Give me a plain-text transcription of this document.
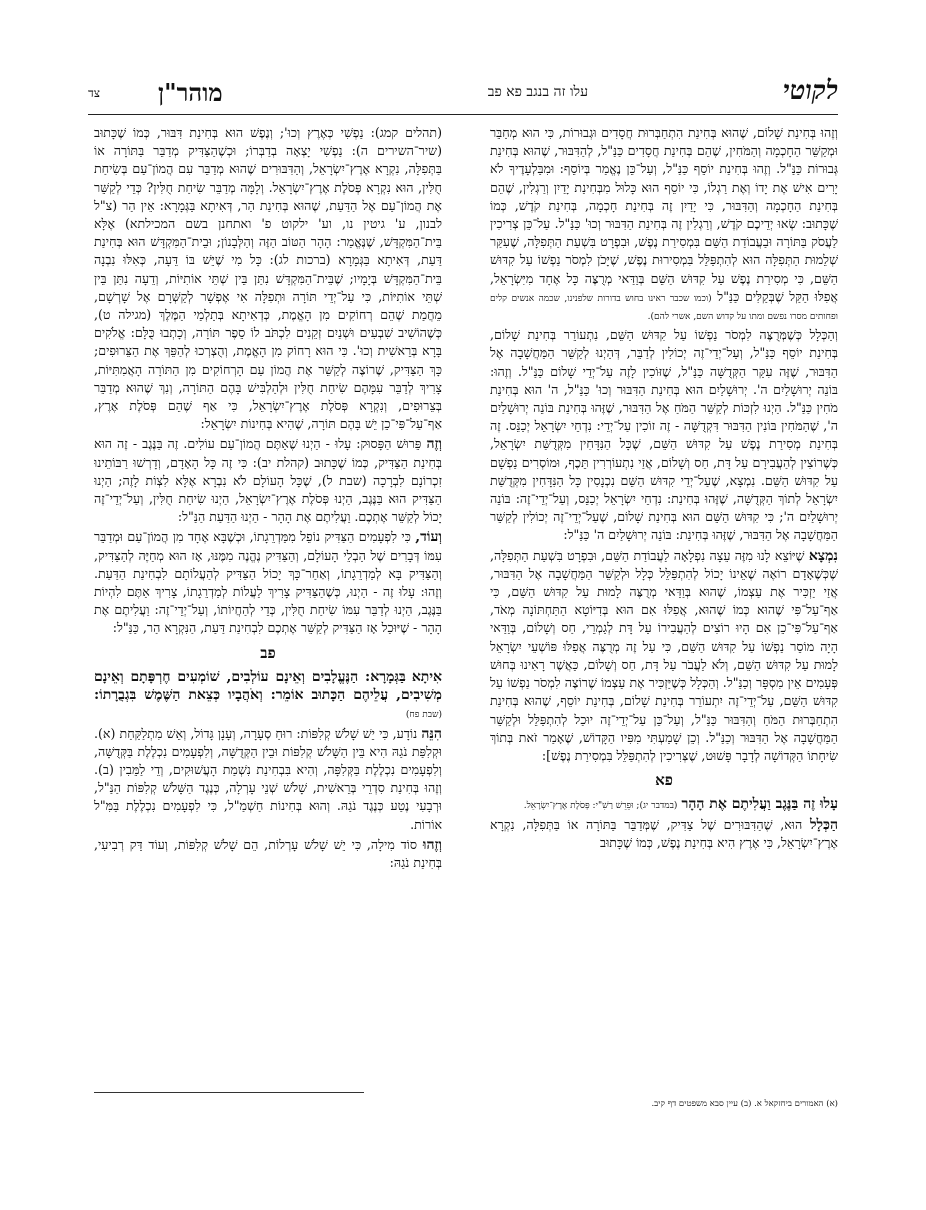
לקוטי
עלו זה בנגב פא פב
מוהר"ן
צד

וְזֶהוּ בְּחִינַת שָׁלוֹם, שֶׁהוּא בְּחִינַת הִתְחַבְּרוּת חֲסָדִים וּגְבוּרוֹת, כִּי הוּא מְחַבֵּר וּמְקַשֵּׁר הַחָכְמָה וְהַמֹּחִין, שֶׁהֵם בְּחִינַת חֲסָדִים כַּנַּ"ל, לְהַדִּבּוּר, שֶׁהוּא בְּחִינַת גְּבוּרוֹת כַּנַּ"ל. וְזֶהוּ בְּחִינַת יוֹסֵף כַּנַּ"ל, וְעַל־כֵּן נֶאֱמַר בְּיוֹסֵף: וּמִבַּלְעָדֶיךָ לֹא יָרִים אִישׁ אֶת יָדוֹ וְאֶת רַגְלוֹ, כִּי יוֹסֵף הוּא כָּלוּל מִבְּחִינַת יָדַיִן וְרַגְלִין, שֶׁהֵם בְּחִינַת הַחָכְמָה וְהַדִּבּוּר, כִּי יָדַיִן זֶה בְּחִינַת חָכְמָה, בְּחִינַת קֹדֶשׁ, כְּמוֹ שֶׁכָּתוּב: שְׂאוּ יְדֵיכֶם קֹדֶשׁ, וְרַגְלִין זֶה בְּחִינַת הַדִּבּוּר וְכוּ' כַּנַּ"ל. עַל־כֵּן צְרִיכִין לַעֲסֹק בַּתּוֹרָה וּבַעֲבוֹדַת הַשֵּׁם בִּמְסִירַת נֶפֶשׁ, וּבִפְרָט בִּשְׁעַת הַתְּפִלָּה, שֶׁעִקַּר שְׁלֵמוּת הַתְּפִלָּה הוּא לְהִתְפַּלֵּל בִּמְסִירוּת נֶפֶשׁ, שֶׁיָּכֹן לִמְסֹר נַפְשׁוֹ עַל קִדּוּשׁ הַשֵּׁם, כִּי מְסִירַת נֶפֶשׁ עַל קִדּוּשׁ הַשֵּׁם בְּוַדַּאי מְרֻצֶּה כָּל אֶחָד מִיִּשְׂרָאֵל, אֲפִלּוּ הַקַּל שֶׁבְּקַלִּים כַּנַּ"ל (וכמו שכבר ראינו בחוש בדורות שלפנינו, שכמה אנשים קלים ופחותים מסרו נפשם ומתו על קדוש השם, אשרי להם).

וְהַכְּלָל כְּשֶׁמְּרֻצֶּה לִמְסֹר נַפְשׁוֹ עַל קִדּוּשׁ הַשֵּׁם, נִתְעוֹרֵר בְּחִינַת שָׁלוֹם, בְּחִינַת יוֹסֵף כַּנַּ"ל, וְעַל־יְדֵי־זֶה יְכוֹלִין לְדַבֵּר, דְּהַיְנוּ לְקַשֵּׁר הַמַּחֲשָׁבָה אֶל הַדִּבּוּר, שֶׁזֶּה עִקַּר הַקְּדֻשָּׁה כַּנַּ"ל, שֶׁזּוֹכִין לָזֶה עַל־יְדֵי שָׁלוֹם כַּנַּ"ל. וְזֶהוּ: בּוֹנֵה יְרוּשָׁלַיִם ה'. יְרוּשָׁלַיִם הוּא בְּחִינַת הַדִּבּוּר וְכוּ' כַּנַּ"ל, ה' הוּא בְּחִינַת מֹחִין כַּנַּ"ל. הַיְנוּ לִזְכּוֹת לְקַשֵּׁר הַמֹּחַ אֶל הַדִּבּוּר, שֶׁזֶּהוּ בְּחִינַת בּוֹנֵה יְרוּשָׁלַיִם ה', שֶׁהַמֹּחִין בּוֹנִין הַדִּבּוּר דִּקְדֻשָּׁה - זֶה זוֹכִין עַל־יְדֵי: נִדְחֵי יִשְׂרָאֵל יְכַנֵּס. זֶה בְּחִינַת מְסִירַת נֶפֶשׁ עַל קִדּוּשׁ הַשֵּׁם, שֶׁכָּל הַנִּדָּחִין מִקְּדֻשַּׁת יִשְׂרָאֵל, כְּשֶׁרוֹצִין לְהַעֲבִירָם עַל דָּת, חַס וְשָׁלוֹם, אֲזַי נִתְעוֹרְרִין תֵּכֶף, וּמוֹסְרִים נַפְשָׁם עַל קִדּוּשׁ הַשֵּׁם. נִמְצָא, שֶׁעַל־יְדֵי קִדּוּשׁ הַשֵּׁם נִכְנָסִין כָּל הַנִּדָּחִין מִקְּדֻשַּׁת יִשְׂרָאֵל לְתוֹךְ הַקְּדֻשָּׁה, שֶׁזֶּהוּ בְּחִינַת: נִדְחֵי יִשְׂרָאֵל יְכַנֵּס, וְעַל־יְדֵי־זֶה: בּוֹנֵה יְרוּשָׁלַיִם ה'; כִּי קִדּוּשׁ הַשֵּׁם הוּא בְּחִינַת שָׁלוֹם, שֶׁעַל־יְדֵי־זֶה יְכוֹלִין לְקַשֵּׁר הַמַּחֲשָׁבָה אֶל הַדִּבּוּר, שֶׁזֶּהוּ בְּחִינַת: בּוֹנֵה יְרוּשָׁלַיִם ה' כַּנַּ"ל:

נִמְצָא שֶׁיּוֹצֵא לָנוּ מִזֶּה עֵצָה נִפְלָאָה לַעֲבוֹדַת הַשֵּׁם, וּבִפְרָט בִּשְׁעַת הַתְּפִלָּה, שֶׁכְּשֶׁאָדָם רוֹאֶה שֶׁאֵינוֹ יָכוֹל לְהִתְפַּלֵּל כְּלָל וּלְקַשֵּׁר הַמַּחֲשָׁבָה אֶל הַדִּבּוּר, אֲזַי יַזְכִּיר אֶת עַצְמוֹ, שֶׁהוּא בְּוַדַּאי מְרֻצֶּה לָמוּת עַל קִדּוּשׁ הַשֵּׁם, כִּי אַף־עַל־פִּי שֶׁהוּא כְּמוֹ שֶׁהוּא, אֲפִלּוּ אִם הוּא בְּדִיּוֹטָא הַתַּחְתּוֹנָה מְאֹד, אַף־עַל־פִּי־כֵן אִם הָיוּ רוֹצִים לְהַעֲבִירוֹ עַל דָּת לְגַמְרֵי, חַס וְשָׁלוֹם, בְּוַדַּאי הָיָה מוֹסֵר נַפְשׁוֹ עַל קִדּוּשׁ הַשֵּׁם, כִּי עַל זֶה מְרֻצֶּה אֲפִלּוּ פּוֹשְׁעֵי יִשְׂרָאֵל לָמוּת עַל קִדּוּשׁ הַשֵּׁם, וְלֹא לַעֲבֹר עַל דָּת, חַס וְשָׁלוֹם, כַּאֲשֶׁר רָאִינוּ בְּחוּשׁ פְּעָמִים אֵין מִסְפָּר וְכַנַּ"ל. וְהַכְּלָל כְּשֶׁיַּזְכִּיר אֶת עַצְמוֹ שֶׁרוֹצֶה לִמְסֹר נַפְשׁוֹ עַל קִדּוּשׁ הַשֵּׁם, עַל־יְדֵי־זֶה יִתְעוֹרֵר בְּחִינַת שָׁלוֹם, בְּחִינַת יוֹסֵף, שֶׁהוּא בְּחִינַת הִתְחַבְּרוּת הַמֹּחַ וְהַדִּבּוּר כַּנַּ"ל, וְעַל־כֵּן עַל־יְדֵי־זֶה יוּכַל לְהִתְפַּלֵּל וּלְקַשֵּׁר הַמַּחֲשָׁבָה אֶל הַדִּבּוּר וְכַנַּ"ל. וְכֵן שָׁמַעְתִּי מִפִּיו הַקָּדוֹשׁ, שֶׁאָמַר זֹאת בְּתוֹךְ שִׂיחָתוֹ הַקְּדוֹשָׁה לְדָבָר פָּשׁוּט, שֶׁצְּרִיכִין לְהִתְפַּלֵּל בִּמְסִירַת נֶפֶשׁ]:

פא

עָלוּ זֶה בַּנֶּגֶב וַעֲלִיתֶם אֶת הָהָר (במדבר יג); וּפֵרֵשׁ רַשִׁ"י: פְּסֹלֶת אֶרֶץ־יִשְׂרָאֵל.

הַכְּלָל הוּא, שֶׁהַדִּבּוּרִים שֶׁל צַדִּיק, שֶׁמְּדַבֵּר בַּתּוֹרָה אוֹ בַּתְּפִלָּה, נִקְרָא אֶרֶץ־יִשְׂרָאֵל, כִּי אֶרֶץ הִיא בְּחִינַת נֶפֶשׁ, כְּמוֹ שֶׁכָּתוּב

(תהלים קמג): נַפְשִׁי כְּאֶרֶץ וְכוּ'; וְנֶפֶשׁ הוּא בְּחִינַת דִּבּוּר, כְּמוֹ שֶׁכָּתוּב (שיר־השירים ה): נַפְשִׁי יָצְאָה בְדַבְּרוֹ; וּכְשֶׁהַצַּדִּיק מְדַבֵּר בַּתּוֹרָה אוֹ בַּתְּפִלָּה, נִקְרָא אֶרֶץ־יִשְׂרָאֵל, וְהַדִּבּוּרִים שֶׁהוּא מְדַבֵּר עִם הֲמוֹן־עַם בְּשִׂיחַת חֻלִּין, הוּא נִקְרָא פְּסֹלֶת אֶרֶץ־יִשְׂרָאֵל. וְלָמָּה מְדַבֵּר שִׂיחַת חֻלִּין? כְּדֵי לְקַשֵּׁר אֶת הֲמוֹן־עַם אֶל הַדַּעַת, שֶׁהוּא בְּחִינַת הַר, דְּאִיתָא בַּגְּמָרָא: אֵין הַר (צ"ל לבנון, ע' גיטין נו, וע' ילקוט פ' ואתחנן בשם המכילתא) אֶלָּא בֵּית־הַמִּקְדָּשׁ, שֶׁנֶּאֱמַר: הָהָר הַטּוֹב הַזֶּה וְהַלְּבָנוֹן; וּבֵית־הַמִּקְדָּשׁ הוּא בְּחִינַת דַּעַת, דְּאִיתָא בַּגְּמָרָא (ברכות לג): כָּל מִי שֶׁיֵּשׁ בּוֹ דֵּעָה, כְּאִלּוּ נִבְנָה בֵּית־הַמִּקְדָּשׁ בְּיָמָיו; שֶׁבֵּית־הַמִּקְדָּשׁ נִתַּן בֵּין שְׁתֵּי אוֹתִיּוֹת, וְדֵעָה נִתַּן בֵּין שְׁתֵּי אוֹתִיּוֹת, כִּי עַל־יְדֵי תּוֹרָה וּתְפִלָּה אִי אֶפְשָׁר לְקַשְּׁרָם אֶל שָׁרְשָׁם, מֵחֲמַת שֶׁהֵם רְחוֹקִים מִן הָאֱמֶת, כְּדְאִיתָא בְּתַלְמַי הַמֶּלֶךְ (מגילה ט), כְּשֶׁהוֹשִׁיב שִׁבְעִים וּשְׁנַיִם זְקֵנִים לִכְתֹּב לוֹ סֵפֶר תּוֹרָה, וְכָתְבוּ כֻּלָּם: אֱלֹקִים בָּרָא בְּרֵאשִׁית וְכוּ'. כִּי הוּא רָחוֹק מִן הָאֱמֶת, וְהֻצְרְכוּ לְהַפֵּךְ אֶת הַצֵּרוּפִים; כָּךְ הַצַּדִּיק, שֶׁרוֹצֶה לְקַשֵּׁר אֶת הֲמוֹן עַם הָרְחוֹקִים מִן הַתּוֹרָה הָאֲמִתִּיּוֹת, צָרִיךְ לְדַבֵּר עִמָּהֶם שִׂיחַת חֻלִּין וּלְהַלְבִּישׁ בָּהֶם הַתּוֹרָה, וְנִךְ שֶׁהוּא מְדַבֵּר בְּצֵרוּפִים, וְנִקְרָא פְּסֹלֶת אֶרֶץ־יִשְׂרָאֵל, כִּי אַף שֶׁהֵם פְּסֹלֶת אֶרֶץ, אַף־עַל־פִּי־כֵן יֵשׁ בָּהֶם תּוֹרָה, שֶׁהִיא בְּחִינוֹת יִשְׂרָאֵל:

וְזֶה פֵּרוּשׁ הַפָּסוּק: עָלוּ - הַיְנוּ שֶׁאַתֶּם הֲמוֹן־עַם עוֹלִים. זֶה בַּנֶּגֶב - זֶה הוּא בְּחִינַת הַצַּדִּיק, כְּמוֹ שֶׁכָּתוּב (קהלת יב): כִּי זֶה כָּל הָאָדָם, וְדָרְשׁוּ רַבּוֹתֵינוּ זִכְרוֹנָם לִבְרָכָה (שבת ל), שֶׁכָּל הָעוֹלָם לֹא נִבְרָא אֶלָּא לִצְוֹת לָזֶה; הַיְנוּ הַצַּדִּיק הוּא בַּנֶּגֶב, הַיְנוּ פְּסֹלֶת אֶרֶץ־יִשְׂרָאֵל, הַיְנוּ שִׂיחַת חֻלִּין, וְעַל־יְדֵי־זֶה יָכוֹל לְקַשֵּׁר אֶתְכֶם. וַעֲלִיתֶם אֶת הָהָר - הַיְנוּ הַדַּעַת הַנַּ"ל:

וְעוֹד, כִּי לִפְעָמִים הַצַּדִּיק נוֹפֵל מִמַּדְרֵגָתוֹ, וּכְשֶׁבָּא אֶחָד מִן הֲמוֹן־עַם וּמְדַבֵּר עִמּוֹ דְּבָרִים שֶׁל הַבְלֵי הָעוֹלָם, וְהַצַּדִּיק נֶהֱנֶה מִמֶּנּוּ, אָז הוּא מְחַיֶּה לְהַצַּדִּיק, וְהַצַּדִּיק בָּא לְמַדְרֵגָתוֹ, וְאַחַר־כָּךְ יָכוֹל הַצַּדִּיק לְהַעֲלוֹתָם לִבְחִינַת הַדַּעַת. וְזֶהוּ: עָלוּ זֶה - הַיְנוּ, כְּשֶׁהַצַּדִּיק צָרִיךְ לַעֲלוֹת לְמַדְרֵגָתוֹ, צָרִיךְ אַתֶּם לִהְיוֹת בַּנֶּגֶב, הַיְנוּ לְדַבֵּר עִמּוֹ שִׂיחַת חֻלִּין, כְּדֵי לְהַחֲיוֹתוֹ, וְעַל־יְדֵי־זֶה: וַעֲלִיתֶם אֶת הָהָר - שֶׁיּוּכַל אָז הַצַּדִּיק לְקַשֵּׁר אֶתְכֶם לִבְחִינַת דַּעַת, הַנִּקְרָא הַר, כַּנַּ"ל:

פב

אִיתָא בַּגְּמָרָא: הַנֶּעֱלָבִים וְאֵינָם עוֹלְבִים, שׁוֹמְעִים חֶרְפָּתָם וְאֵינָם מְשִׁיבִים, עֲלֵיהֶם הַכָּתוּב אוֹמֵר: וְאֹהֲבָיו כְּצֵאת הַשֶּׁמֶשׁ בִּגְבֻרָתוֹ: (שבת פח)

הִנֵּה נוֹדָע, כִּי יֵשׁ שָׁלֹשׁ קְלִפּוֹת: רוּחַ סְעָרָה, וְעָנָן גָּדוֹל, וְאֵשׁ מִתְלַקַּחַת (א). וּקְלִפַּת נֹגַהּ הִיא בֵּין הַשָּׁלֹשׁ קְלִפּוֹת וּבֵין הַקְּדֻשָּׁה, וְלִפְעָמִים נִכְלֶלֶת בַּקְּדֻשָּׁה, וְלִפְעָמִים נִכְלֶלֶת בַּקְּלִפָּה, וְהִיא בִּבְחִינַת נִשְׁמַת הָעֲשׁוּקִים, וְדֵי לַמֵּבִין (ב). וְזֶהוּ בְּחִינַת סִדְרֵי בְּרֵאשִׁית, שָׁלֹשׁ שְׁנֵי עָרְלָה, כְּנֶגֶד הַשָּׁלֹשׁ קְלִפּוֹת הַנַּ"ל, וּרְבָעִי נֶטַע כְּנֶגֶד נֹגַהּ. וְהוּא בְּחִינוֹת חַשְׁמַ"ל, כִּי לִפְעָמִים נִכְלֶלֶת בַּמִּ"ל אוֹרוֹת.

וְזֶהוּ סוֹד מִילָה, כִּי יֵשׁ שָׁלֹשׁ עָרְלוֹת, הֵם שָׁלֹשׁ קְלִפּוֹת, וְעוֹד דַּק רְבִיעִי, בְּחִינַת נֹגַהּ:

(א) האמורים ביחזקאל א. (ב) עיין סבא משפטים דף קיב.
